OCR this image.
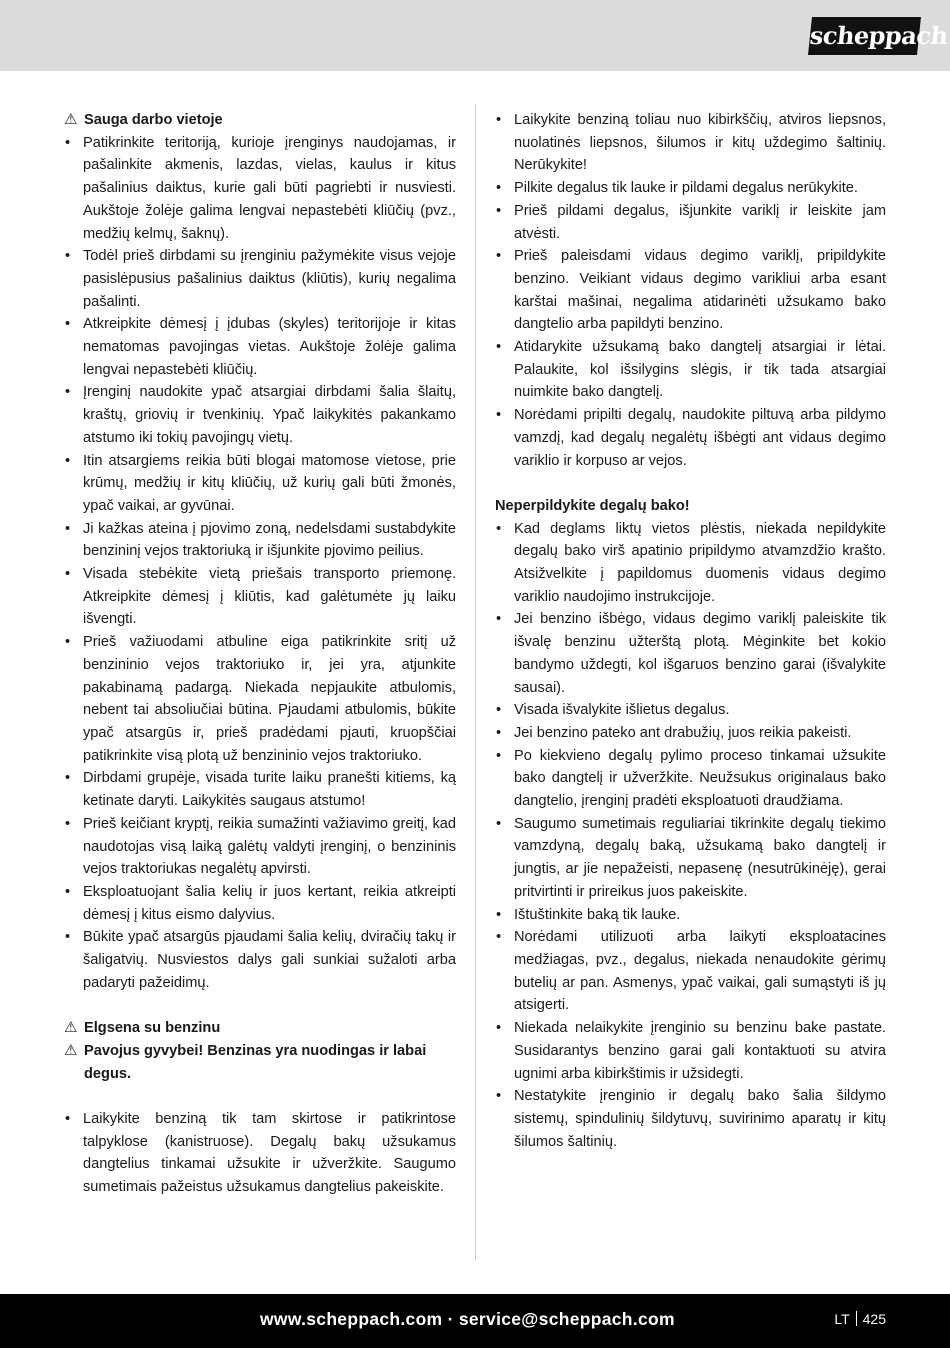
scheppach
⚠ Sauga darbo vietoje
• Patikrinkite teritoriją, kurioje įrenginys naudojamas, ir pašalinkite akmenis, lazdas, vielas, kaulus ir kitus pašalinius daiktus, kurie gali būti pagriebti ir nusviesti. Aukštoje žolėje galima lengvai nepastebėti kliūčių (pvz., medžių kelmų, šaknų).
• Todėl prieš dirbdami su įrenginiu pažymėkite visus vejoje pasislėpusius pašalinius daiktus (kliūtis), kurių negalima pašalinti.
• Atkreipkite dėmesį į įdubas (skyles) teritorijoje ir kitas nematomas pavojingas vietas. Aukštoje žolėje galima lengvai nepastebėti kliūčių.
• Įrenginį naudokite ypač atsargiai dirbdami šalia šlaitų, kraštų, griovių ir tvenkinių. Ypač laikykitės pakankamo atstumo iki tokių pavojingų vietų.
• Itin atsargiems reikia būti blogai matomose vietose, prie krūmų, medžių ir kitų kliūčių, už kurių gali būti žmonės, ypač vaikai, ar gyvūnai.
• Ji kažkas ateina į pjovimo zoną, nedelsdami sustabdykite benzininį vejos traktoriuką ir išjunkite pjovimo peilius.
• Visada stebėkite vietą priešais transporto priemonę. Atkreipkite dėmesį į kliūtis, kad galėtumėte jų laiku išvengti.
• Prieš važiuodami atbuline eiga patikrinkite sritį už benzininio vejos traktoriuko ir, jei yra, atjunkite pakabinamą padargą. Niekada nepjaukite atbulomis, nebent tai absoliučiai būtina. Pjaudami atbulomis, būkite ypač atsargūs ir, prieš pradėdami pjauti, kruopščiai patikrinkite visą plotą už benzininio vejos traktoriuko.
• Dirbdami grupėje, visada turite laiku pranešti kitiems, ką ketinate daryti. Laikykitės saugaus atstumo!
• Prieš keičiant kryptį, reikia sumažinti važiavimo greitį, kad naudotojas visą laiką galėtų valdyti įrenginį, o benzininis vejos traktoriukas negalėtų apvirsti.
• Eksploatuojant šalia kelių ir juos kertant, reikia atkreipti dėmesį į kitus eismo dalyvius.
• Būkite ypač atsargūs pjaudami šalia kelių, dviračių takų ir šaligatvių. Nusviestos dalys gali sunkiai sužaloti arba padaryti pažeidimų.
⚠ Elgsena su benzinu
⚠ Pavojus gyvybei! Benzinas yra nuodingas ir labai degus.
• Laikykite benziną tik tam skirtose ir patikrintose talpyklose (kanistruose). Degalų bakų užsukamus dangtelius tinkamai užsukite ir užveržkite. Saugumo sumetimais pažeistus užsukamus dangtelius pakeiskite.
• Laikykite benziną toliau nuo kibirkščių, atviros liepsnos, nuolatinės liepsnos, šilumos ir kitų uždegimo šaltinių. Nerūkykite!
• Pilkite degalus tik lauke ir pildami degalus nerūkykite.
• Prieš pildami degalus, išjunkite variklį ir leiskite jam atvėsti.
• Prieš paleisdami vidaus degimo variklį, pripildykite benzino. Veikiant vidaus degimo varikliui arba esant karštai mašinai, negalima atidarinėti užsukamo bako dangtelio arba papildyti benzino.
• Atidarykite užsukamą bako dangtelį atsargiai ir lėtai. Palaukite, kol išsilygins slėgis, ir tik tada atsargiai nuimkite bako dangtelį.
• Norėdami pripilti degalų, naudokite piltuvą arba pildymo vamzdį, kad degalų negalėtų išbėgti ant vidaus degimo variklio ir korpuso ar vejos.
Neperpildykite degalų bako!
• Kad deglams liktų vietos plėstis, niekada nepildykite degalų bako virš apatinio pripildymo atvamzdžio krašto. Atsižvelkite į papildomus duomenis vidaus degimo variklio naudojimo instrukcijoje.
• Jei benzino išbėgo, vidaus degimo variklį paleiskite tik išvalę benzinu užterštą plotą. Mėginkite bet kokio bandymo uždegti, kol išgaruos benzino garai (išvalykite sausai).
• Visada išvalykite išlietus degalus.
• Jei benzino pateko ant drabužių, juos reikia pakeisti.
• Po kiekvieno degalų pylimo proceso tinkamai užsukite bako dangtelį ir užveržkite. Neužsukus originalaus bako dangtelio, įrenginį pradėti eksploatuoti draudžiama.
• Saugumo sumetimais reguliariai tikrinkite degalų tiekimo vamzdyną, degalų baką, užsukamą bako dangtelį ir jungtis, ar jie nepažeisti, nepasenę (nesutrūkinėję), gerai pritvirtinti ir prireikus juos pakeiskite.
• Ištuštinkite baką tik lauke.
• Norėdami utilizuoti arba laikyti eksploatacines medžiagas, pvz., degalus, niekada nenaudokite gėrimų butelių ar pan. Asmenys, ypač vaikai, gali sumąstyti iš jų atsigerti.
• Niekada nelaikykite įrenginio su benzinu bake pastate. Susidarantys benzino garai gali kontaktuoti su atvira ugnimi arba kibirkštimis ir užsidegti.
• Nestatykite įrenginio ir degalų bako šalia šildymo sistemų, spindulinių šildytuvų, suvirinimo aparatų ir kitų šilumos šaltinių.
www.scheppach.com · service@scheppach.com	LT 425
